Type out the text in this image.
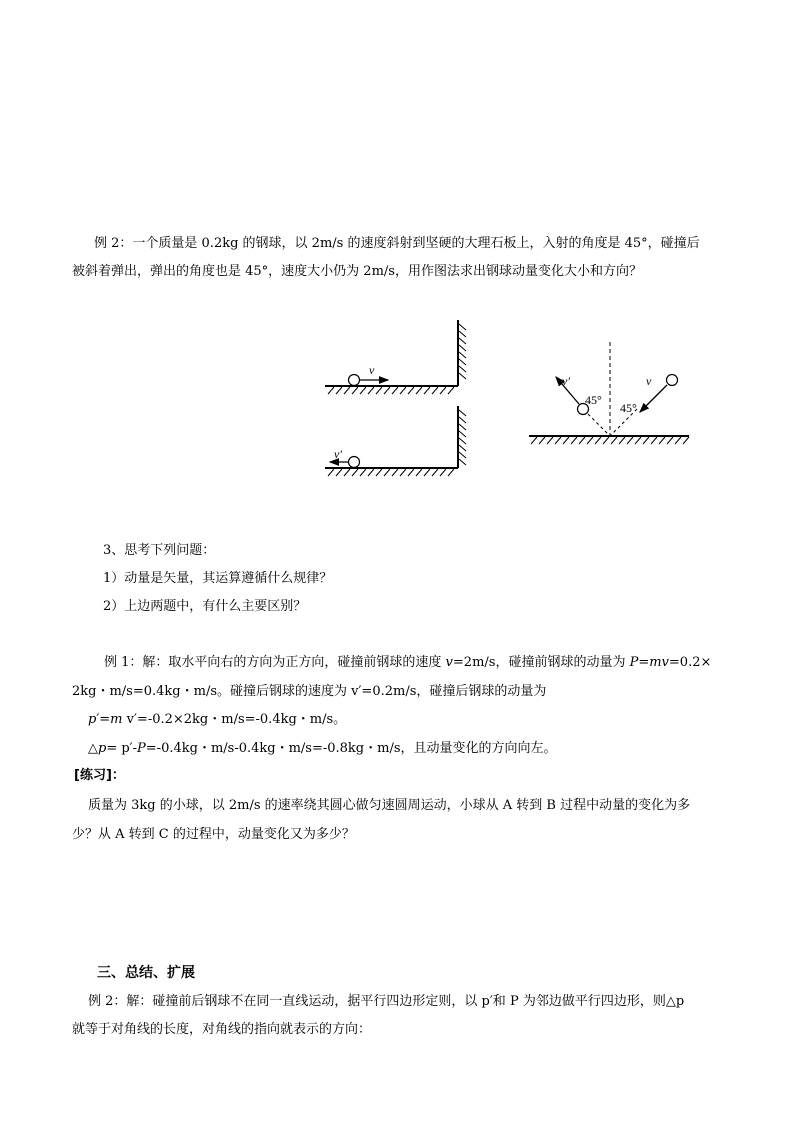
例 2：一个质量是 0.2kg 的钢球，以 2m/s 的速度斜射到坚硬的大理石板上，入射的角度是 45°，碰撞后
被斜着弹出，弹出的角度也是 45°，速度大小仍为 2m/s，用作图法求出钢球动量变化大小和方向？
v
v′
v
45°
v′
45°
3、思考下列问题：
1）动量是矢量，其运算遵循什么规律？
2）上边两题中，有什么主要区别？
例 1：解：取水平向右的方向为正方向，碰撞前钢球的速度 v=2m/s，碰撞前钢球的动量为 P=mv=0.2×
2kg・m/s=0.4kg・m/s。碰撞后钢球的速度为 v′=0.2m/s，碰撞后钢球的动量为
p′=m v′=-0.2×2kg・m/s=-0.4kg・m/s。
△p= p′-P=-0.4kg・m/s-0.4kg・m/s=-0.8kg・m/s，且动量变化的方向向左。
[练习]：
质量为 3kg 的小球，以 2m/s 的速率绕其圆心做匀速圆周运动，小球从 A 转到 B 过程中动量的变化为多
少？从 A 转到 C 的过程中，动量变化又为多少？
三、总结、扩展
例 2：解：碰撞前后钢球不在同一直线运动，据平行四边形定则，以 p′和 P 为邻边做平行四边形，则△p
就等于对角线的长度，对角线的指向就表示的方向：
